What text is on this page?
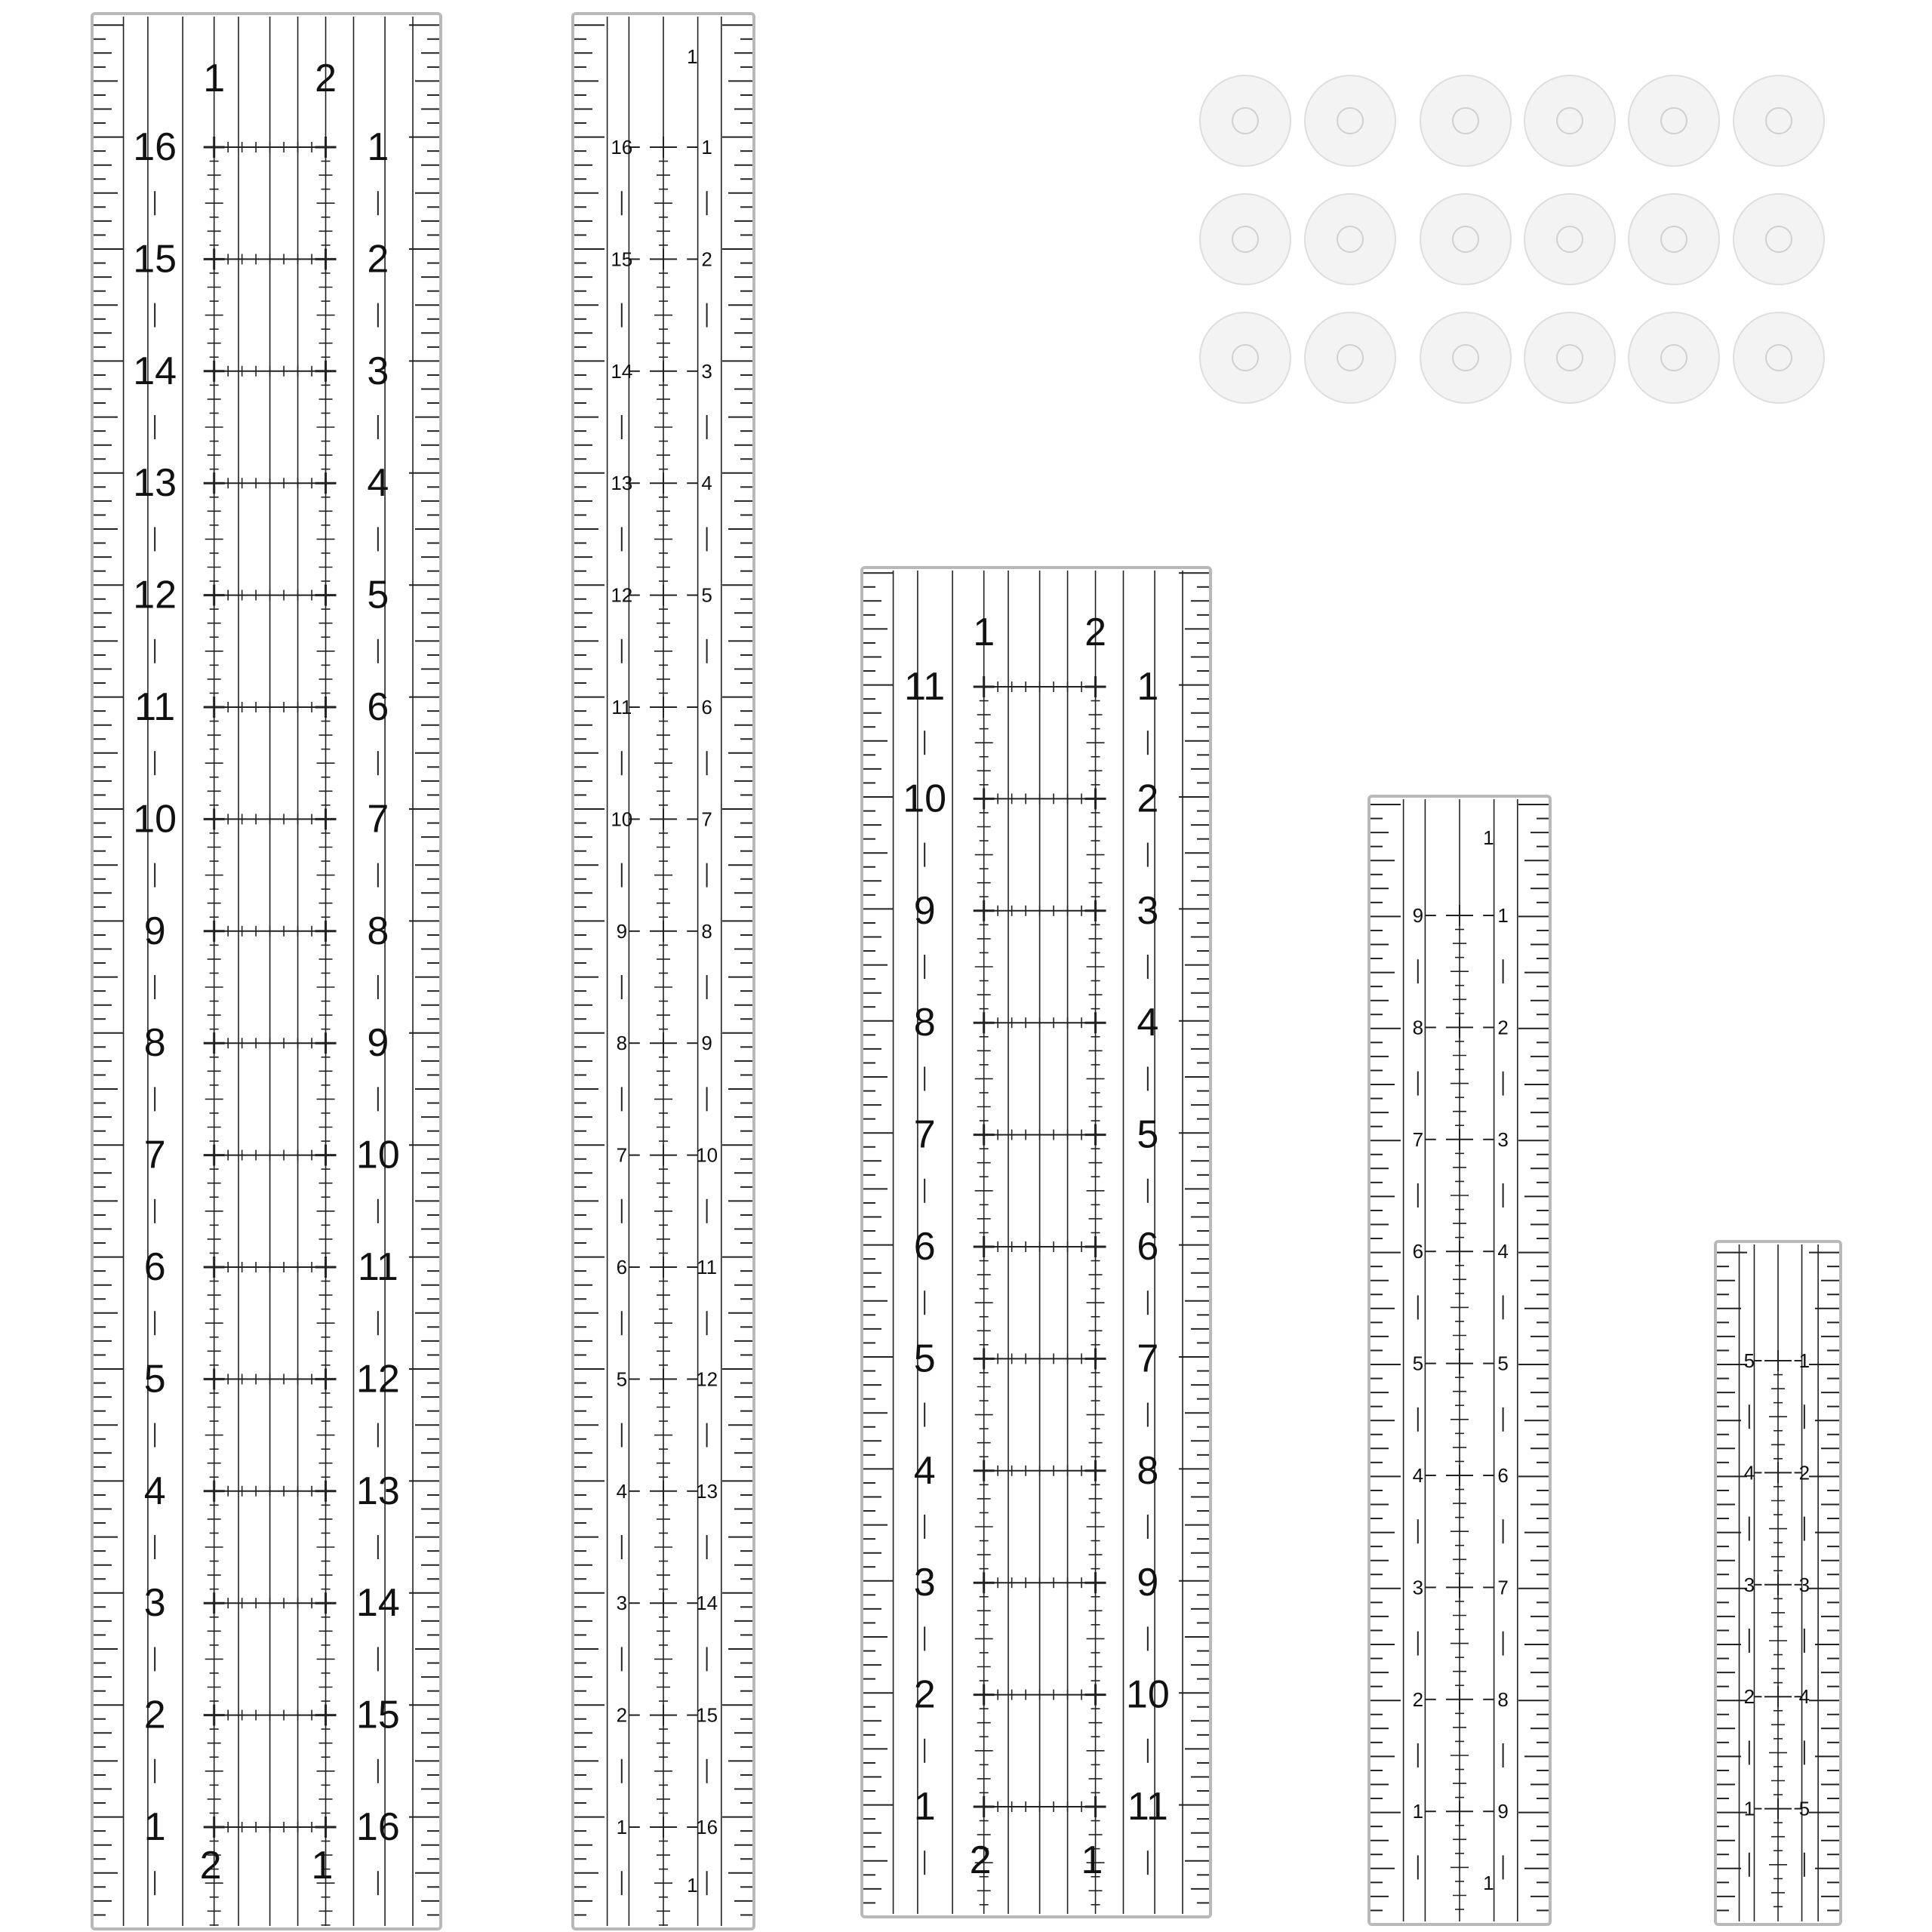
16	1
15	2
14	3
13	4
12	5
11	6
10	7
9	8
8	9
7	10
6	11
5	12
4	13
3	14
2	15
1	16
1 2
2 1
16	1
15	2
14	3
13	4
12	5
11	6
10	7
9	8
8	9
7	10
6	11
5	12
4	13
3	14
2	15
1	16
1
1
11	1
10	2
9	3
8	4
7	5
6	6
5	7
4	8
3	9
2	10
1	11
1 2
2 1
9	1
8	2
7	3
6	4
5	5
4	6
3	7
2	8
1	9
1
1
5 1
4 2
3 3
2 4
1 5
